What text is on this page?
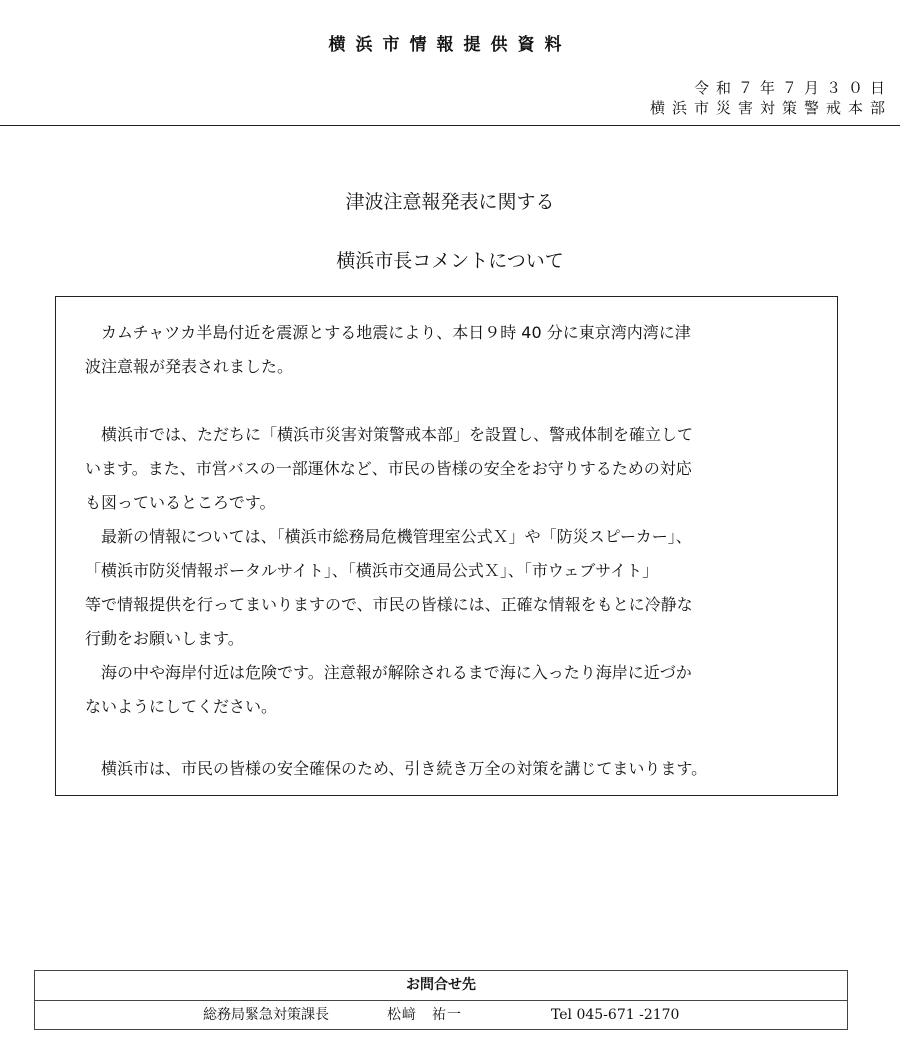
横浜市情報提供資料
令和７年７月３０日
横浜市災害対策警戒本部
津波注意報発表に関する
横浜市長コメントについて
　カムチャツカ半島付近を震源とする地震により、本日９時 40 分に東京湾内湾に津
波注意報が発表されました。
　横浜市では、ただちに「横浜市災害対策警戒本部」を設置し、警戒体制を確立して
います。また、市営バスの一部運休など、市民の皆様の安全をお守りするための対応
も図っているところです。
　最新の情報については、「横浜市総務局危機管理室公式Ｘ」や「防災スピーカー」、
「横浜市防災情報ポータルサイト」、「横浜市交通局公式Ｘ」、「市ウェブサイト」
等で情報提供を行ってまいりますので、市民の皆様には、正確な情報をもとに冷静な
行動をお願いします。
　海の中や海岸付近は危険です。注意報が解除されるまで海に入ったり海岸に近づか
ないようにしてください。
　横浜市は、市民の皆様の安全確保のため、引き続き万全の対策を講じてまいります。
お問合せ先
総務局緊急対策課長	松﨑　祐一	Tel 045-671 -2170
